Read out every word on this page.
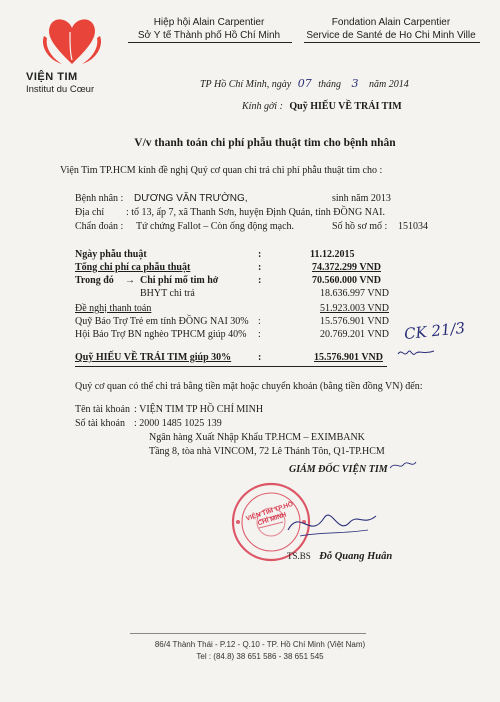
VIỆN TIM
Institut du Cœur
Hiệp hội Alain Carpentier
Sở Y tế Thành phố Hồ Chí Minh
Fondation Alain Carpentier
Service de Santé de Ho Chi Minh Ville
TP Hồ Chí Minh, ngày 07 tháng 3 năm 2014
Kính gởi : Quỹ HIẾU VỀ TRÁI TIM
V/v thanh toán chi phí phẫu thuật tim cho bệnh nhân
Viện Tim TP.HCM kính đề nghị Quý cơ quan chi trả chi phí phẫu thuật tim cho :
Bệnh nhân : DƯƠNG VĂN TRƯỜNG,	sinh năm 2013
Địa chỉ : tổ 13, ấp 7, xã Thanh Sơn, huyện Định Quán, tỉnh ĐỒNG NAI.
Chẩn đoán : Tứ chứng Fallot – Còn ống động mạch.	Số hồ sơ mổ : 151034
Ngày phẫu thuật	:	11.12.2015
Tổng chi phí ca phẫu thuật	:	74.372.299 VND
Trong đó → Chi phí mổ tim hở	:	70.560.000 VND
BHYT chi trả	18.636.997 VND
Đề nghị thanh toán	51.923.003 VND
Quỹ Bảo Trợ Trẻ em tỉnh ĐỒNG NAI 30% :	15.576.901 VND
Hội Bảo Trợ BN nghèo TPHCM giúp 40% :	20.769.201 VND
Quỹ HIẾU VỀ TRÁI TIM giúp 30%	:	15.576.901 VND
CK 21/3
Quý cơ quan có thể chi trả bằng tiền mặt hoặc chuyển khoản (bằng tiền đồng VN) đến:
Tên tài khoản : VIỆN TIM TP HỒ CHÍ MINH
Số tài khoản : 2000 1485 1025 139
Ngân hàng Xuất Nhập Khẩu TP.HCM – EXIMBANK
Tầng 8, tòa nhà VINCOM, 72 Lê Thánh Tôn, Q1-TP.HCM
GIÁM ĐỐC VIỆN TIM
VIỆN TIM TP.HỒ CHÍ MINH
TS.BS Đỗ Quang Huân
86/4 Thành Thái - P.12 - Q.10 - TP. Hồ Chí Minh (Việt Nam)
Tel : (84.8) 38 651 586 - 38 651 545
